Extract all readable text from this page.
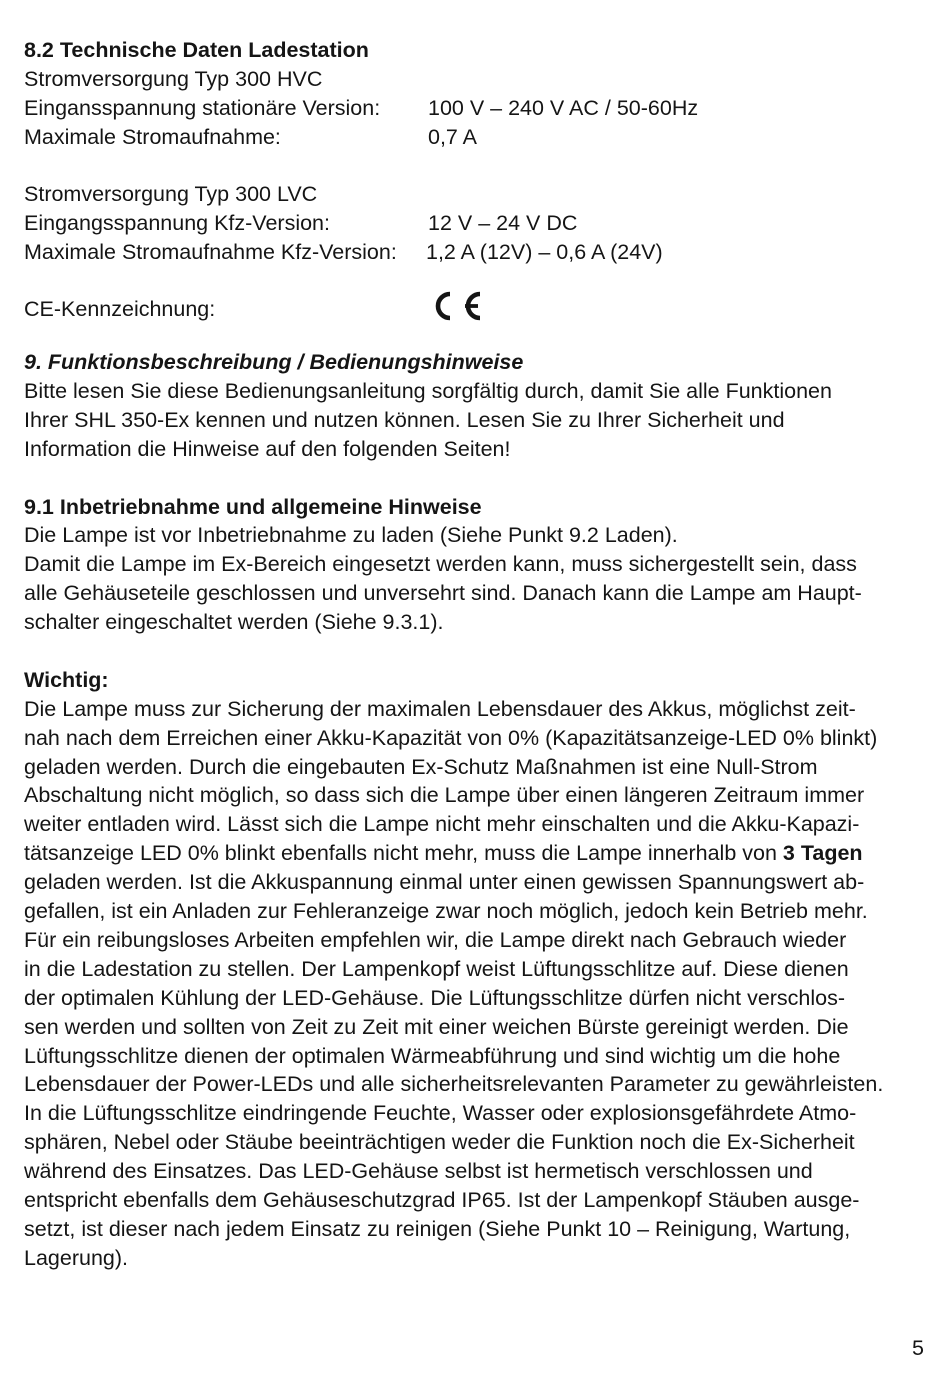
8.2 Technische Daten Ladestation
Stromversorgung Typ 300 HVC
Eingansspannung stationäre Version: 100 V – 240 V AC / 50-60Hz
Maximale Stromaufnahme:	0,7 A
Stromversorgung Typ 300 LVC
Eingangsspannung Kfz-Version:	12 V – 24 V DC
Maximale Stromaufnahme Kfz-Version: 1,2 A (12V) – 0,6 A (24V)
CE-Kennzeichnung:
9. Funktionsbeschreibung / Bedienungshinweise
Bitte lesen Sie diese Bedienungsanleitung sorgfältig durch, damit Sie alle Funktionen
Ihrer SHL 350-Ex kennen und nutzen können. Lesen Sie zu Ihrer Sicherheit und
Information die Hinweise auf den folgenden Seiten!
9.1 Inbetriebnahme und allgemeine Hinweise
Die Lampe ist vor Inbetriebnahme zu laden (Siehe Punkt 9.2 Laden).
Damit die Lampe im Ex-Bereich eingesetzt werden kann, muss sichergestellt sein, dass
alle Gehäuseteile geschlossen und unversehrt sind. Danach kann die Lampe am Haupt-
schalter eingeschaltet werden (Siehe 9.3.1).
Wichtig:
Die Lampe muss zur Sicherung der maximalen Lebensdauer des Akkus, möglichst zeit-
nah nach dem Erreichen einer Akku-Kapazität von 0% (Kapazitätsanzeige-LED 0% blinkt)
geladen werden. Durch die eingebauten Ex-Schutz Maßnahmen ist eine Null-Strom
Abschaltung nicht möglich, so dass sich die Lampe über einen längeren Zeitraum immer
weiter entladen wird. Lässt sich die Lampe nicht mehr einschalten und die Akku-Kapazi-
tätsanzeige LED 0% blinkt ebenfalls nicht mehr, muss die Lampe innerhalb von 3 Tagen
geladen werden. Ist die Akkuspannung einmal unter einen gewissen Spannungswert ab-
gefallen, ist ein Anladen zur Fehleranzeige zwar noch möglich, jedoch kein Betrieb mehr.
Für ein reibungsloses Arbeiten empfehlen wir, die Lampe direkt nach Gebrauch wieder
in die Ladestation zu stellen. Der Lampenkopf weist Lüftungsschlitze auf. Diese dienen
der optimalen Kühlung der LED-Gehäuse. Die Lüftungsschlitze dürfen nicht verschlos-
sen werden und sollten von Zeit zu Zeit mit einer weichen Bürste gereinigt werden. Die
Lüftungsschlitze dienen der optimalen Wärmeabführung und sind wichtig um die hohe
Lebensdauer der Power-LEDs und alle sicherheitsrelevanten Parameter zu gewährleisten.
In die Lüftungsschlitze eindringende Feuchte, Wasser oder explosionsgefährdete Atmo-
sphären, Nebel oder Stäube beeinträchtigen weder die Funktion noch die Ex-Sicherheit
während des Einsatzes. Das LED-Gehäuse selbst ist hermetisch verschlossen und
entspricht ebenfalls dem Gehäuseschutzgrad IP65. Ist der Lampenkopf Stäuben ausge-
setzt, ist dieser nach jedem Einsatz zu reinigen (Siehe Punkt 10 – Reinigung, Wartung,
Lagerung).
5
